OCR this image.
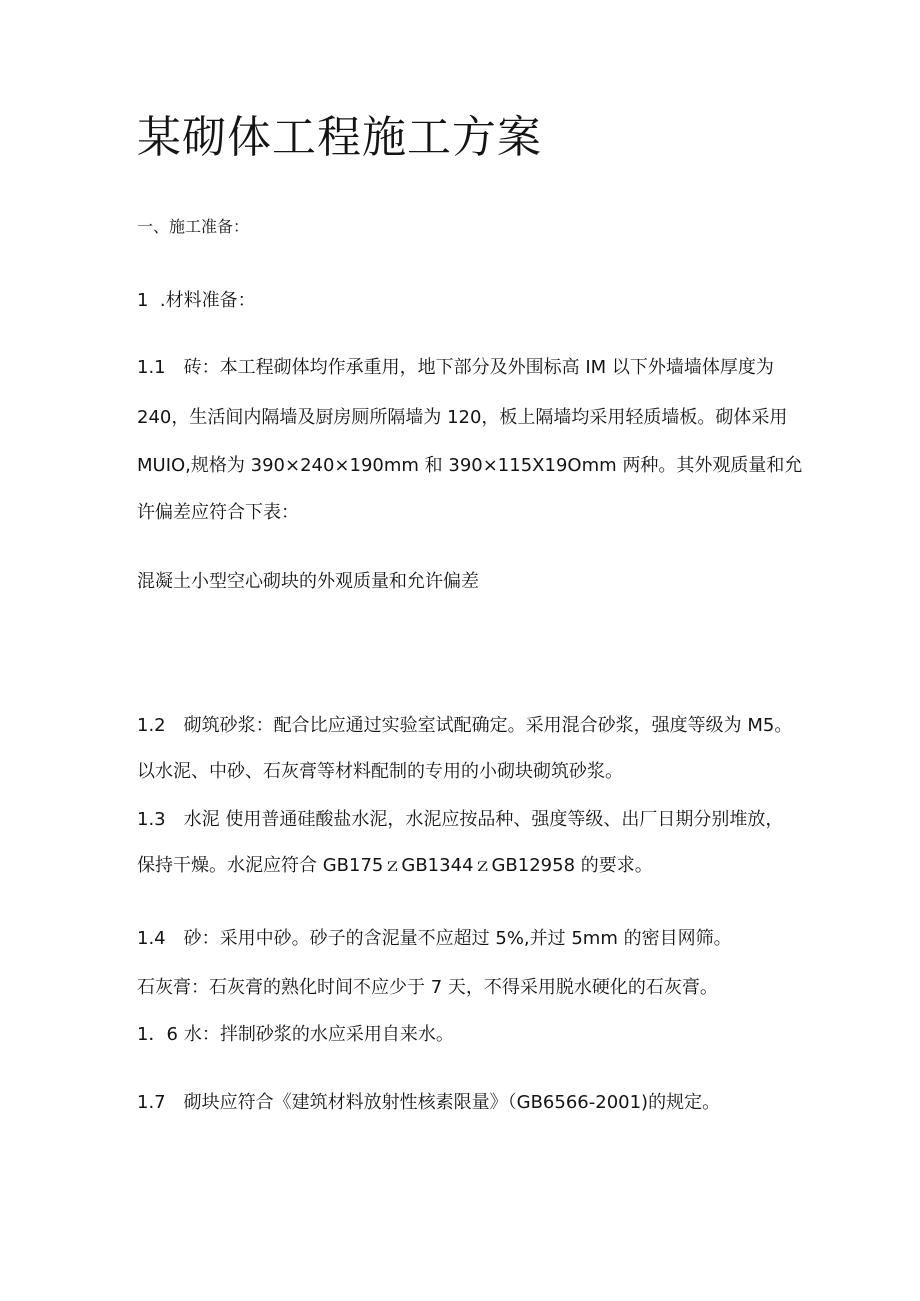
某砌体工程施工方案

一、施工准备：

1  .材料准备：

1.1 砖：本工程砌体均作承重用，地下部分及外围标高 IM 以下外墙墙体厚度为

240，生活间内隔墙及厨房厕所隔墙为 120，板上隔墙均采用轻质墙板。砌体采用

MUIO,规格为 390×240×190mm 和 390×115X19Omm 两种。其外观质量和允

许偏差应符合下表：

混凝土小型空心砌块的外观质量和允许偏差

1.2 砌筑砂浆：配合比应通过实验室试配确定。采用混合砂浆，强度等级为 M5。

以水泥、中砂、石灰膏等材料配制的专用的小砌块砌筑砂浆。

1.3 水泥 使用普通硅酸盐水泥，水泥应按品种、强度等级、出厂日期分别堆放，

保持干燥。水泥应符合 GB175ｚGB1344ｚGB12958 的要求。

1.4 砂：采用中砂。砂子的含泥量不应超过 5%,并过 5mm 的密目网筛。

石灰膏：石灰膏的熟化时间不应少于 7 天，不得采用脱水硬化的石灰膏。

1．6 水：拌制砂浆的水应采用自来水。

1.7 砌块应符合《建筑材料放射性核素限量》（GB6566-2001)的规定。
